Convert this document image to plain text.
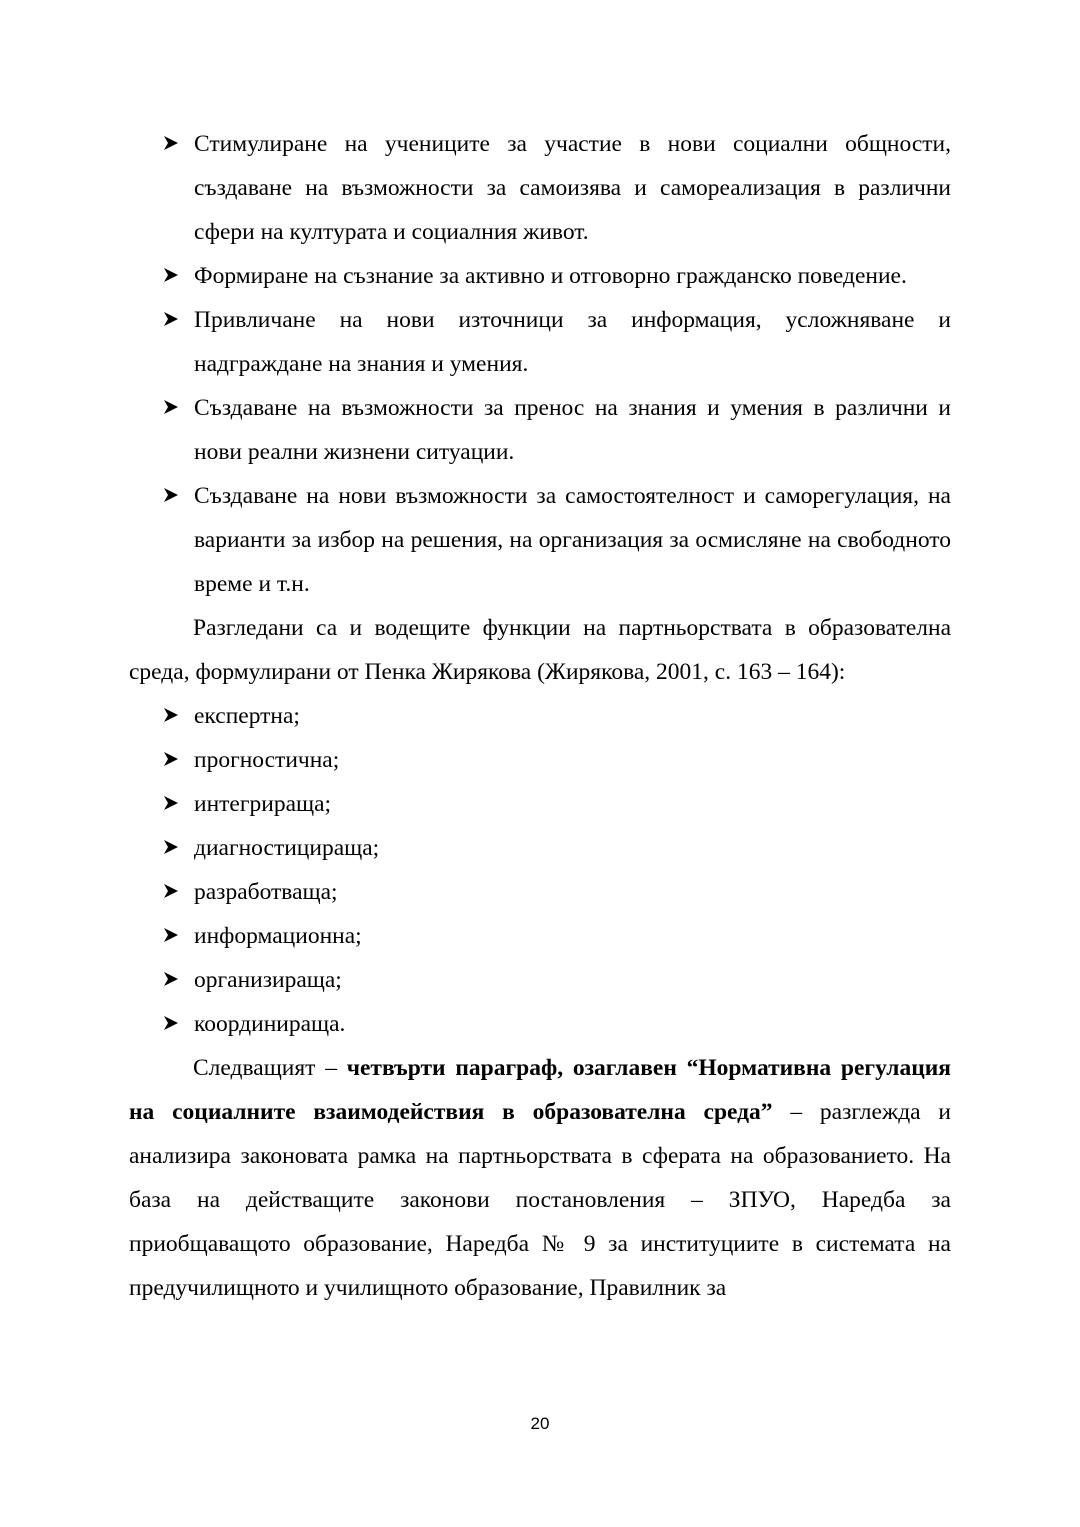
Стимулиране на учениците за участие в нови социални общности, създаване на възможности за самоизява и самореализация в различни сфери на културата и социалния живот.
Формиране на съзнание за активно и отговорно гражданско поведение.
Привличане на нови източници за информация, усложняване и надграждане на знания и умения.
Създаване на възможности за пренос на знания и умения в различни и нови реални жизнени ситуации.
Създаване на нови възможности за самостоятелност и саморегулация, на варианти за избор на решения, на организация за осмисляне на свободното време и т.н.
Разгледани са и водещите функции на партньорствата в образователна среда, формулирани от Пенка Жирякова (Жирякова, 2001, с. 163 – 164):
експертна;
прогностична;
интегрираща;
диагностицираща;
разработваща;
информационна;
организираща;
координираща.
Следващият – четвърти параграф, озаглавен “Нормативна регулация на социалните взаимодействия в образователна среда” – разглежда и анализира законовата рамка на партньорствата в сферата на образованието. На база на действащите законови постановления – ЗПУО, Наредба за приобщаващото образование, Наредба № 9 за институциите в системата на предучилищното и училищното образование, Правилник за
20
